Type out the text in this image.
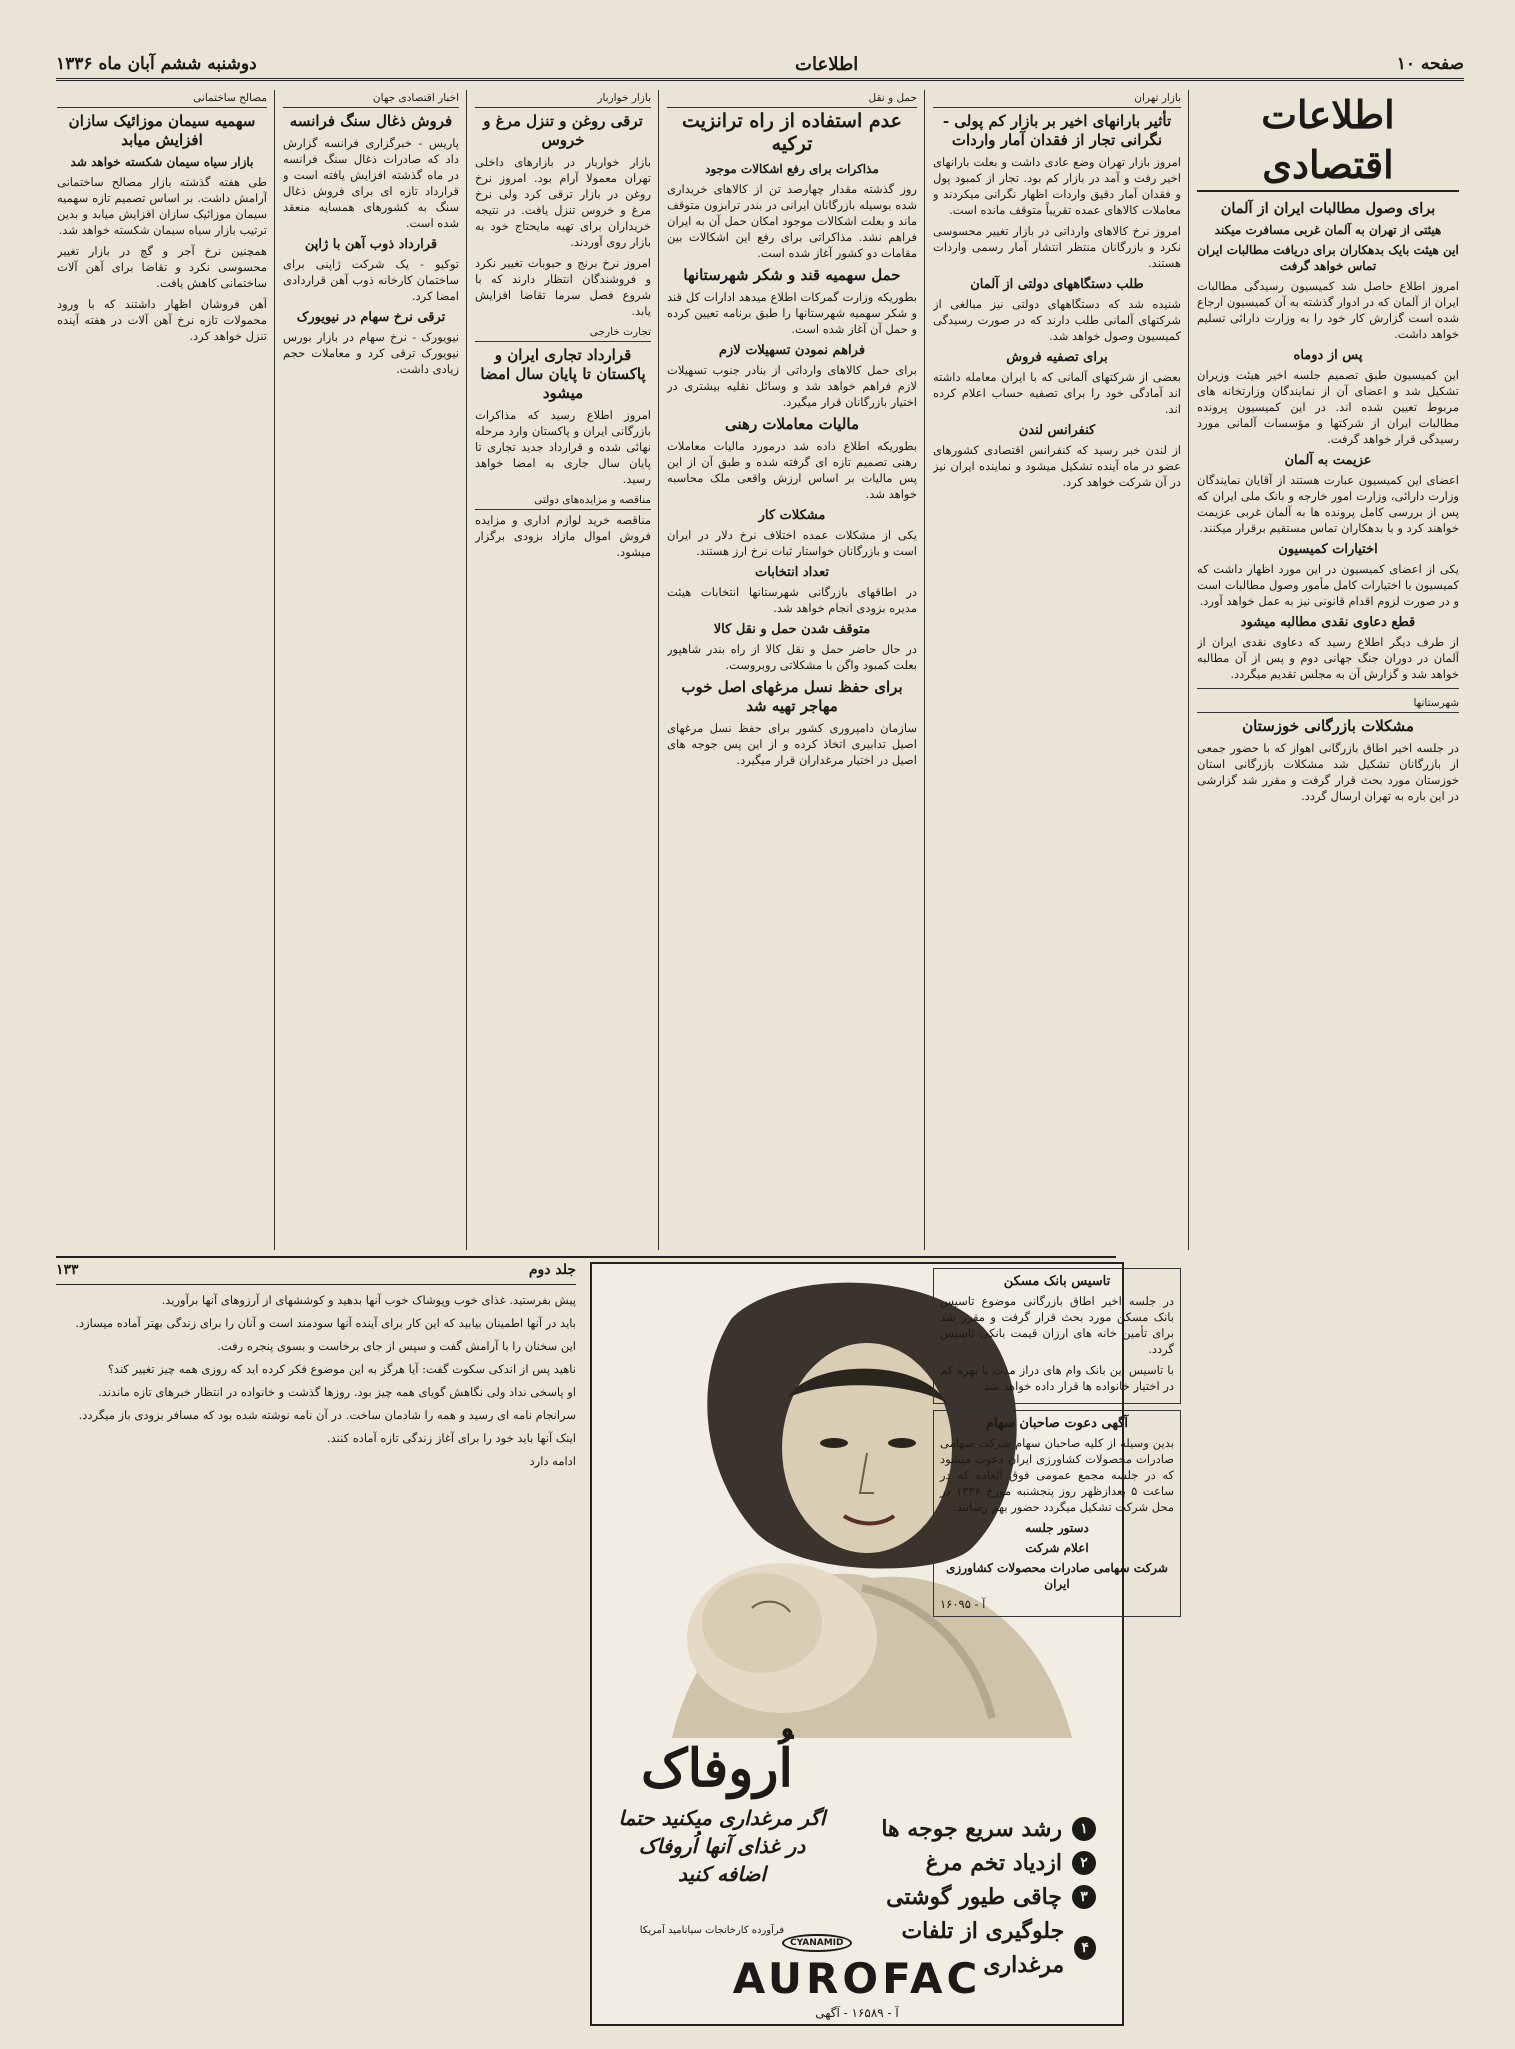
صفحه ۱۰
اطلاعات
دوشنبه ششم آبان ماه ۱۳۳۶
اطلاعات اقتصادی
برای وصول مطالبات ایران از آلمان
هیئتی از تهران به آلمان غربی مسافرت میکند
این هیئت بایک بدهکاران برای دریافت مطالبات ایران تماس خواهد گرفت

امروز اطلاع حاصل شد کمیسیون رسیدگی مطالبات ایران از آلمان که در ادوار گذشته به آن کمیسیون ارجاع شده است گزارش کار خود را به وزارت دارائی تسلیم خواهد داشت.

پس از دوماه

این کمیسیون طبق تصمیم جلسه اخیر هیئت وزیران تشکیل شد و اعضای آن از نمایندگان وزارتخانه های مربوط تعیین شده اند. در این کمیسیون پرونده مطالبات ایران از شرکتها و مؤسسات آلمانی مورد رسیدگی قرار خواهد گرفت.

عزیمت به آلمان

اعضای این کمیسیون عبارت هستند از آقایان نمایندگان وزارت دارائی، وزارت امور خارجه و بانک ملی ایران که پس از بررسی کامل پرونده ها به آلمان غربی عزیمت خواهند کرد و با بدهکاران تماس مستقیم برقرار میکنند.

اختیارات کمیسیون

یکی از اعضای کمیسیون در این مورد اظهار داشت که کمیسیون با اختیارات کامل مأمور وصول مطالبات است و در صورت لزوم اقدام قانونی نیز به عمل خواهد آورد.

قطع دعاوی نقدی مطالبه میشود

از طرف دیگر اطلاع رسید که دعاوی نقدی ایران از آلمان در دوران جنگ جهانی دوم و پس از آن مطالبه خواهد شد و گزارش آن به مجلس تقدیم میگردد.

شهرستانها
مشکلات بازرگانی خوزستان

در جلسه اخیر اطاق بازرگانی اهواز که با حضور جمعی از بازرگانان تشکیل شد مشکلات بازرگانی استان خوزستان مورد بحث قرار گرفت و مقرر شد گزارشی در این باره به تهران ارسال گردد.

بازار تهران
تأثیر بارانهای اخیر بر بازار کم پولی - نگرانی تجار از فقدان آمار واردات

امروز بازار تهران وضع عادی داشت و بعلت بارانهای اخیر رفت و آمد در بازار کم بود. تجار از کمبود پول و فقدان آمار دقیق واردات اظهار نگرانی میکردند و معاملات کالاهای عمده تقریباً متوقف مانده است.

امروز نرخ کالاهای وارداتی در بازار تغییر محسوسی نکرد و بازرگانان منتظر انتشار آمار رسمی واردات هستند.

طلب دستگاههای دولتی از آلمان

شنیده شد که دستگاههای دولتی نیز مبالغی از شرکتهای آلمانی طلب دارند که در صورت رسیدگی کمیسیون وصول خواهد شد.

برای تصفیه فروش

بعضی از شرکتهای آلمانی که با ایران معامله داشته اند آمادگی خود را برای تصفیه حساب اعلام کرده اند.

کنفرانس لندن

از لندن خبر رسید که کنفرانس اقتصادی کشورهای عضو در ماه آینده تشکیل میشود و نماینده ایران نیز در آن شرکت خواهد کرد.

حمل و نقل
عدم استفاده از راه ترانزیت ترکیه
مذاکرات برای رفع اشکالات موجود

روز گذشته مقدار چهارصد تن از کالاهای خریداری شده بوسیله بازرگانان ایرانی در بندر ترابزون متوقف ماند و بعلت اشکالات موجود امکان حمل آن به ایران فراهم نشد. مذاکراتی برای رفع این اشکالات بین مقامات دو کشور آغاز شده است.

حمل سهمیه قند و شکر شهرستانها

بطوریکه وزارت گمرکات اطلاع میدهد ادارات کل قند و شکر سهمیه شهرستانها را طبق برنامه تعیین کرده و حمل آن آغاز شده است.

فراهم نمودن تسهیلات لازم

برای حمل کالاهای وارداتی از بنادر جنوب تسهیلات لازم فراهم خواهد شد و وسائل نقلیه بیشتری در اختیار بازرگانان قرار میگیرد.

مالیات معاملات رهنی

بطوریکه اطلاع داده شد درمورد مالیات معاملات رهنی تصمیم تازه ای گرفته شده و طبق آن از این پس مالیات بر اساس ارزش واقعی ملک محاسبه خواهد شد.

مشکلات کار

یکی از مشکلات عمده اختلاف نرخ دلار در ایران است و بازرگانان خواستار ثبات نرخ ارز هستند.

تعداد انتخابات

در اطاقهای بازرگانی شهرستانها انتخابات هیئت مدیره بزودی انجام خواهد شد.

متوقف شدن حمل و نقل کالا

در حال حاضر حمل و نقل کالا از راه بندر شاهپور بعلت کمبود واگن با مشکلاتی روبروست.

برای حفظ نسل مرغهای اصل خوب مهاجر تهیه شد

سازمان دامپروری کشور برای حفظ نسل مرغهای اصیل تدابیری اتخاذ کرده و از این پس جوجه های اصیل در اختیار مرغداران قرار میگیرد.

بازار خواربار
ترقی روغن و تنزل مرغ و خروس

بازار خواربار در بازارهای داخلی تهران معمولا آرام بود. امروز نرخ روغن در بازار ترقی کرد ولی نرخ مرغ و خروس تنزل یافت. در نتیجه خریداران برای تهیه مایحتاج خود به بازار روی آوردند.

امروز نرخ برنج و حبوبات تغییر نکرد و فروشندگان انتظار دارند که با شروع فصل سرما تقاضا افزایش یابد.

تجارت خارجی
قرارداد تجاری ایران و پاکستان تا پایان سال امضا میشود

امروز اطلاع رسید که مذاکرات بازرگانی ایران و پاکستان وارد مرحله نهائی شده و قرارداد جدید تجاری تا پایان سال جاری به امضا خواهد رسید.

مناقصه و مزایده‌های دولتی

مناقصه خرید لوازم اداری و مزایده فروش اموال مازاد بزودی برگزار میشود.

اخبار اقتصادی جهان
فروش ذغال سنگ فرانسه

پاریس - خبرگزاری فرانسه گزارش داد که صادرات ذغال سنگ فرانسه در ماه گذشته افزایش یافته است و قرارداد تازه ای برای فروش ذغال سنگ به کشورهای همسایه منعقد شده است.

قرارداد ذوب آهن با ژاپن

توکیو - یک شرکت ژاپنی برای ساختمان کارخانه ذوب آهن قراردادی امضا کرد.

ترقی نرخ سهام در نیویورک

نیویورک - نرخ سهام در بازار بورس نیویورک ترقی کرد و معاملات حجم زیادی داشت.

مصالح ساختمانی
سهمیه سیمان موزائیک سازان افزایش میابد
بازار سیاه سیمان شکسته خواهد شد

طی هفته گذشته بازار مصالح ساختمانی آرامش داشت. بر اساس تصمیم تازه سهمیه سیمان موزائیک سازان افزایش میابد و بدین ترتیب بازار سیاه سیمان شکسته خواهد شد.

همچنین نرخ آجر و گچ در بازار تغییر محسوسی نکرد و تقاضا برای آهن آلات ساختمانی کاهش یافت.

آهن فروشان اظهار داشتند که با ورود محمولات تازه نرخ آهن آلات در هفته آینده تنزل خواهد کرد.

جلد دوم
۱۳۳

پیش بفرستید. غذای خوب وپوشاک خوب آنها بدهید و کوششهای از آرزوهای آنها برآورید.

باید در آنها اطمینان بیابید که این کار برای آینده آنها سودمند است و آنان را برای زندگی بهتر آماده میسازد.

این سخنان را با آرامش گفت و سپس از جای برخاست و بسوی پنجره رفت.

ناهید پس از اندکی سکوت گفت: آیا هرگز به این موضوع فکر کرده اید که روزی همه چیز تغییر کند؟

او پاسخی نداد ولی نگاهش گویای همه چیز بود. روزها گذشت و خانواده در انتظار خبرهای تازه ماندند.

سرانجام نامه ای رسید و همه را شادمان ساخت. در آن نامه نوشته شده بود که مسافر بزودی باز میگردد.

اینک آنها باید خود را برای آغاز زندگی تازه آماده کنند.

ادامه دارد

اُروفاک
۱
رشد سریع جوجه ها
۲
ازدیاد تخم مرغ
۳
چاقی طیور گوشتی
۴
جلوگیری از تلفات مرغداری
اگر مرغداری میکنید حتما در غذای آنها اُروفاک اضافه کنید
فرآورده کارخانجات سیانامید آمریکا
CYANAMID
AUROFAC
آ - ۱۶۵۸۹ - آگهی
تاسیس بانک مسکن

در جلسه اخیر اطاق بازرگانی موضوع تاسیس بانک مسکن مورد بحث قرار گرفت و مقرر شد برای تأمین خانه های ارزان قیمت بانکی تاسیس گردد.

با تاسیس این بانک وام های دراز مدت با بهره کم در اختیار خانواده ها قرار داده خواهد شد.

آگهی دعوت صاحبان سهام

بدین وسیله از کلیه صاحبان سهام شرکت سهامی صادرات محصولات کشاورزی ایران دعوت میشود که در جلسه مجمع عمومی فوق العاده که در ساعت ۵ بعدازظهر روز پنجشنبه مورخ ۱۳۳۶ در محل شرکت تشکیل میگردد حضور بهم رسانند.

دستور جلسه
اعلام شرکت
شرکت سهامی صادرات محصولات کشاورزی ایران
آ - ۱۶۰۹۵
